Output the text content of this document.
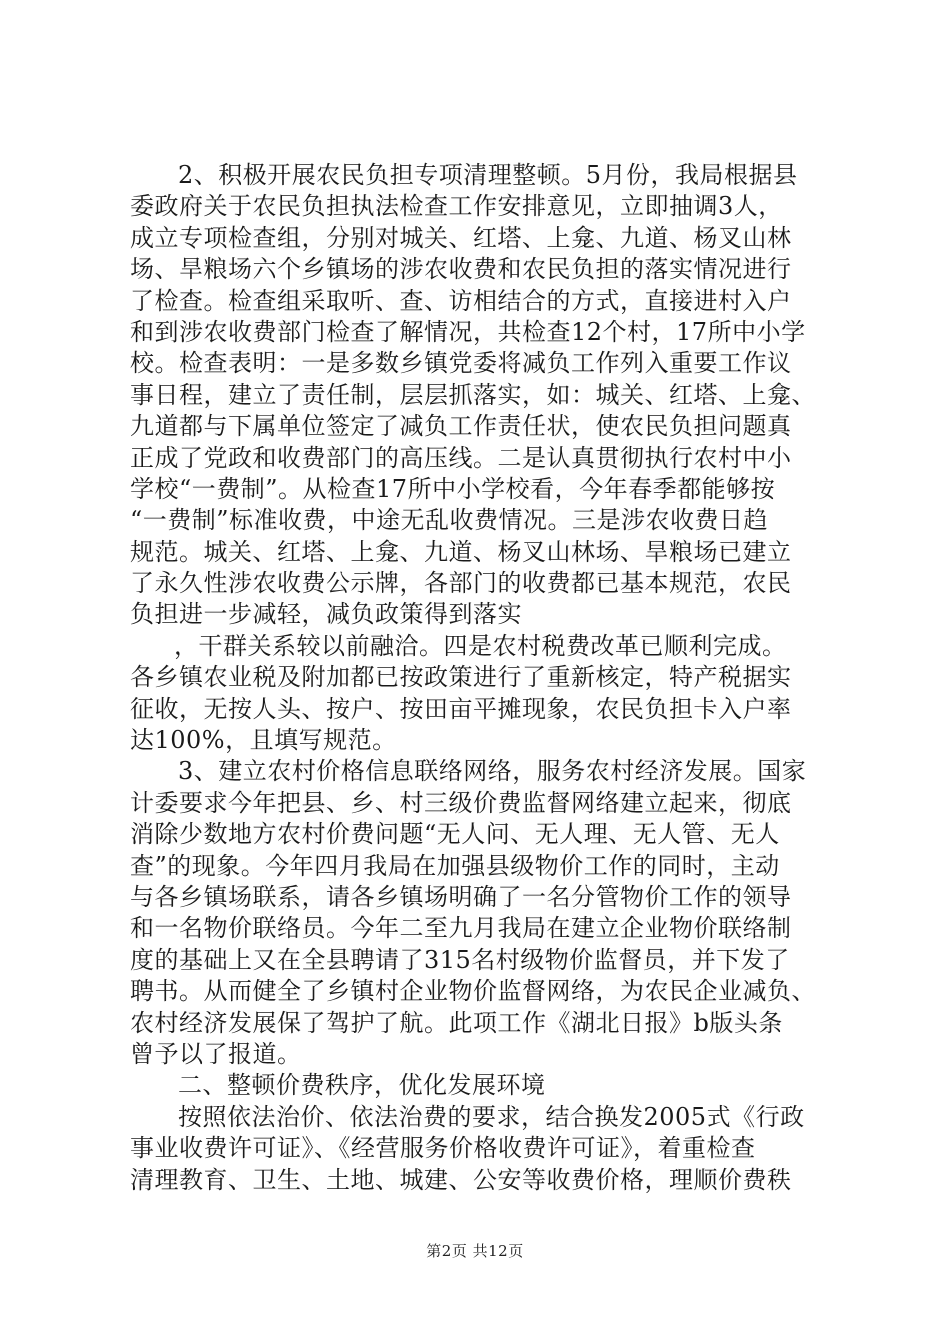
2、积极开展农民负担专项清理整顿。5月份，我局根据县
委政府关于农民负担执法检查工作安排意见，立即抽调3人，
成立专项检查组，分别对城关、红塔、上龛、九道、杨叉山林
场、旱粮场六个乡镇场的涉农收费和农民负担的落实情况进行
了检查。检查组采取听、查、访相结合的方式，直接进村入户
和到涉农收费部门检查了解情况，共检查12个村，17所中小学
校。检查表明：一是多数乡镇党委将减负工作列入重要工作议
事日程，建立了责任制，层层抓落实，如：城关、红塔、上龛、
九道都与下属单位签定了减负工作责任状，使农民负担问题真
正成了党政和收费部门的高压线。二是认真贯彻执行农村中小
学校“一费制”。从检查17所中小学校看，今年春季都能够按
“一费制”标准收费，中途无乱收费情况。三是涉农收费日趋
规范。城关、红塔、上龛、九道、杨叉山林场、旱粮场已建立
了永久性涉农收费公示牌，各部门的收费都已基本规范，农民
负担进一步减轻，减负政策得到落实
，干群关系较以前融洽。四是农村税费改革已顺利完成。
各乡镇农业税及附加都已按政策进行了重新核定，特产税据实
征收，无按人头、按户、按田亩平摊现象，农民负担卡入户率
达100%，且填写规范。
3、建立农村价格信息联络网络，服务农村经济发展。国家
计委要求今年把县、乡、村三级价费监督网络建立起来，彻底
消除少数地方农村价费问题“无人问、无人理、无人管、无人
查”的现象。今年四月我局在加强县级物价工作的同时，主动
与各乡镇场联系，请各乡镇场明确了一名分管物价工作的领导
和一名物价联络员。今年二至九月我局在建立企业物价联络制
度的基础上又在全县聘请了315名村级物价监督员，并下发了
聘书。从而健全了乡镇村企业物价监督网络，为农民企业减负、
农村经济发展保了驾护了航。此项工作《湖北日报》b版头条
曾予以了报道。
二、整顿价费秩序，优化发展环境
按照依法治价、依法治费的要求，结合换发2005式《行政
事业收费许可证》、《经营服务价格收费许可证》，着重检查
清理教育、卫生、土地、城建、公安等收费价格，理顺价费秩
第2页 共12页
